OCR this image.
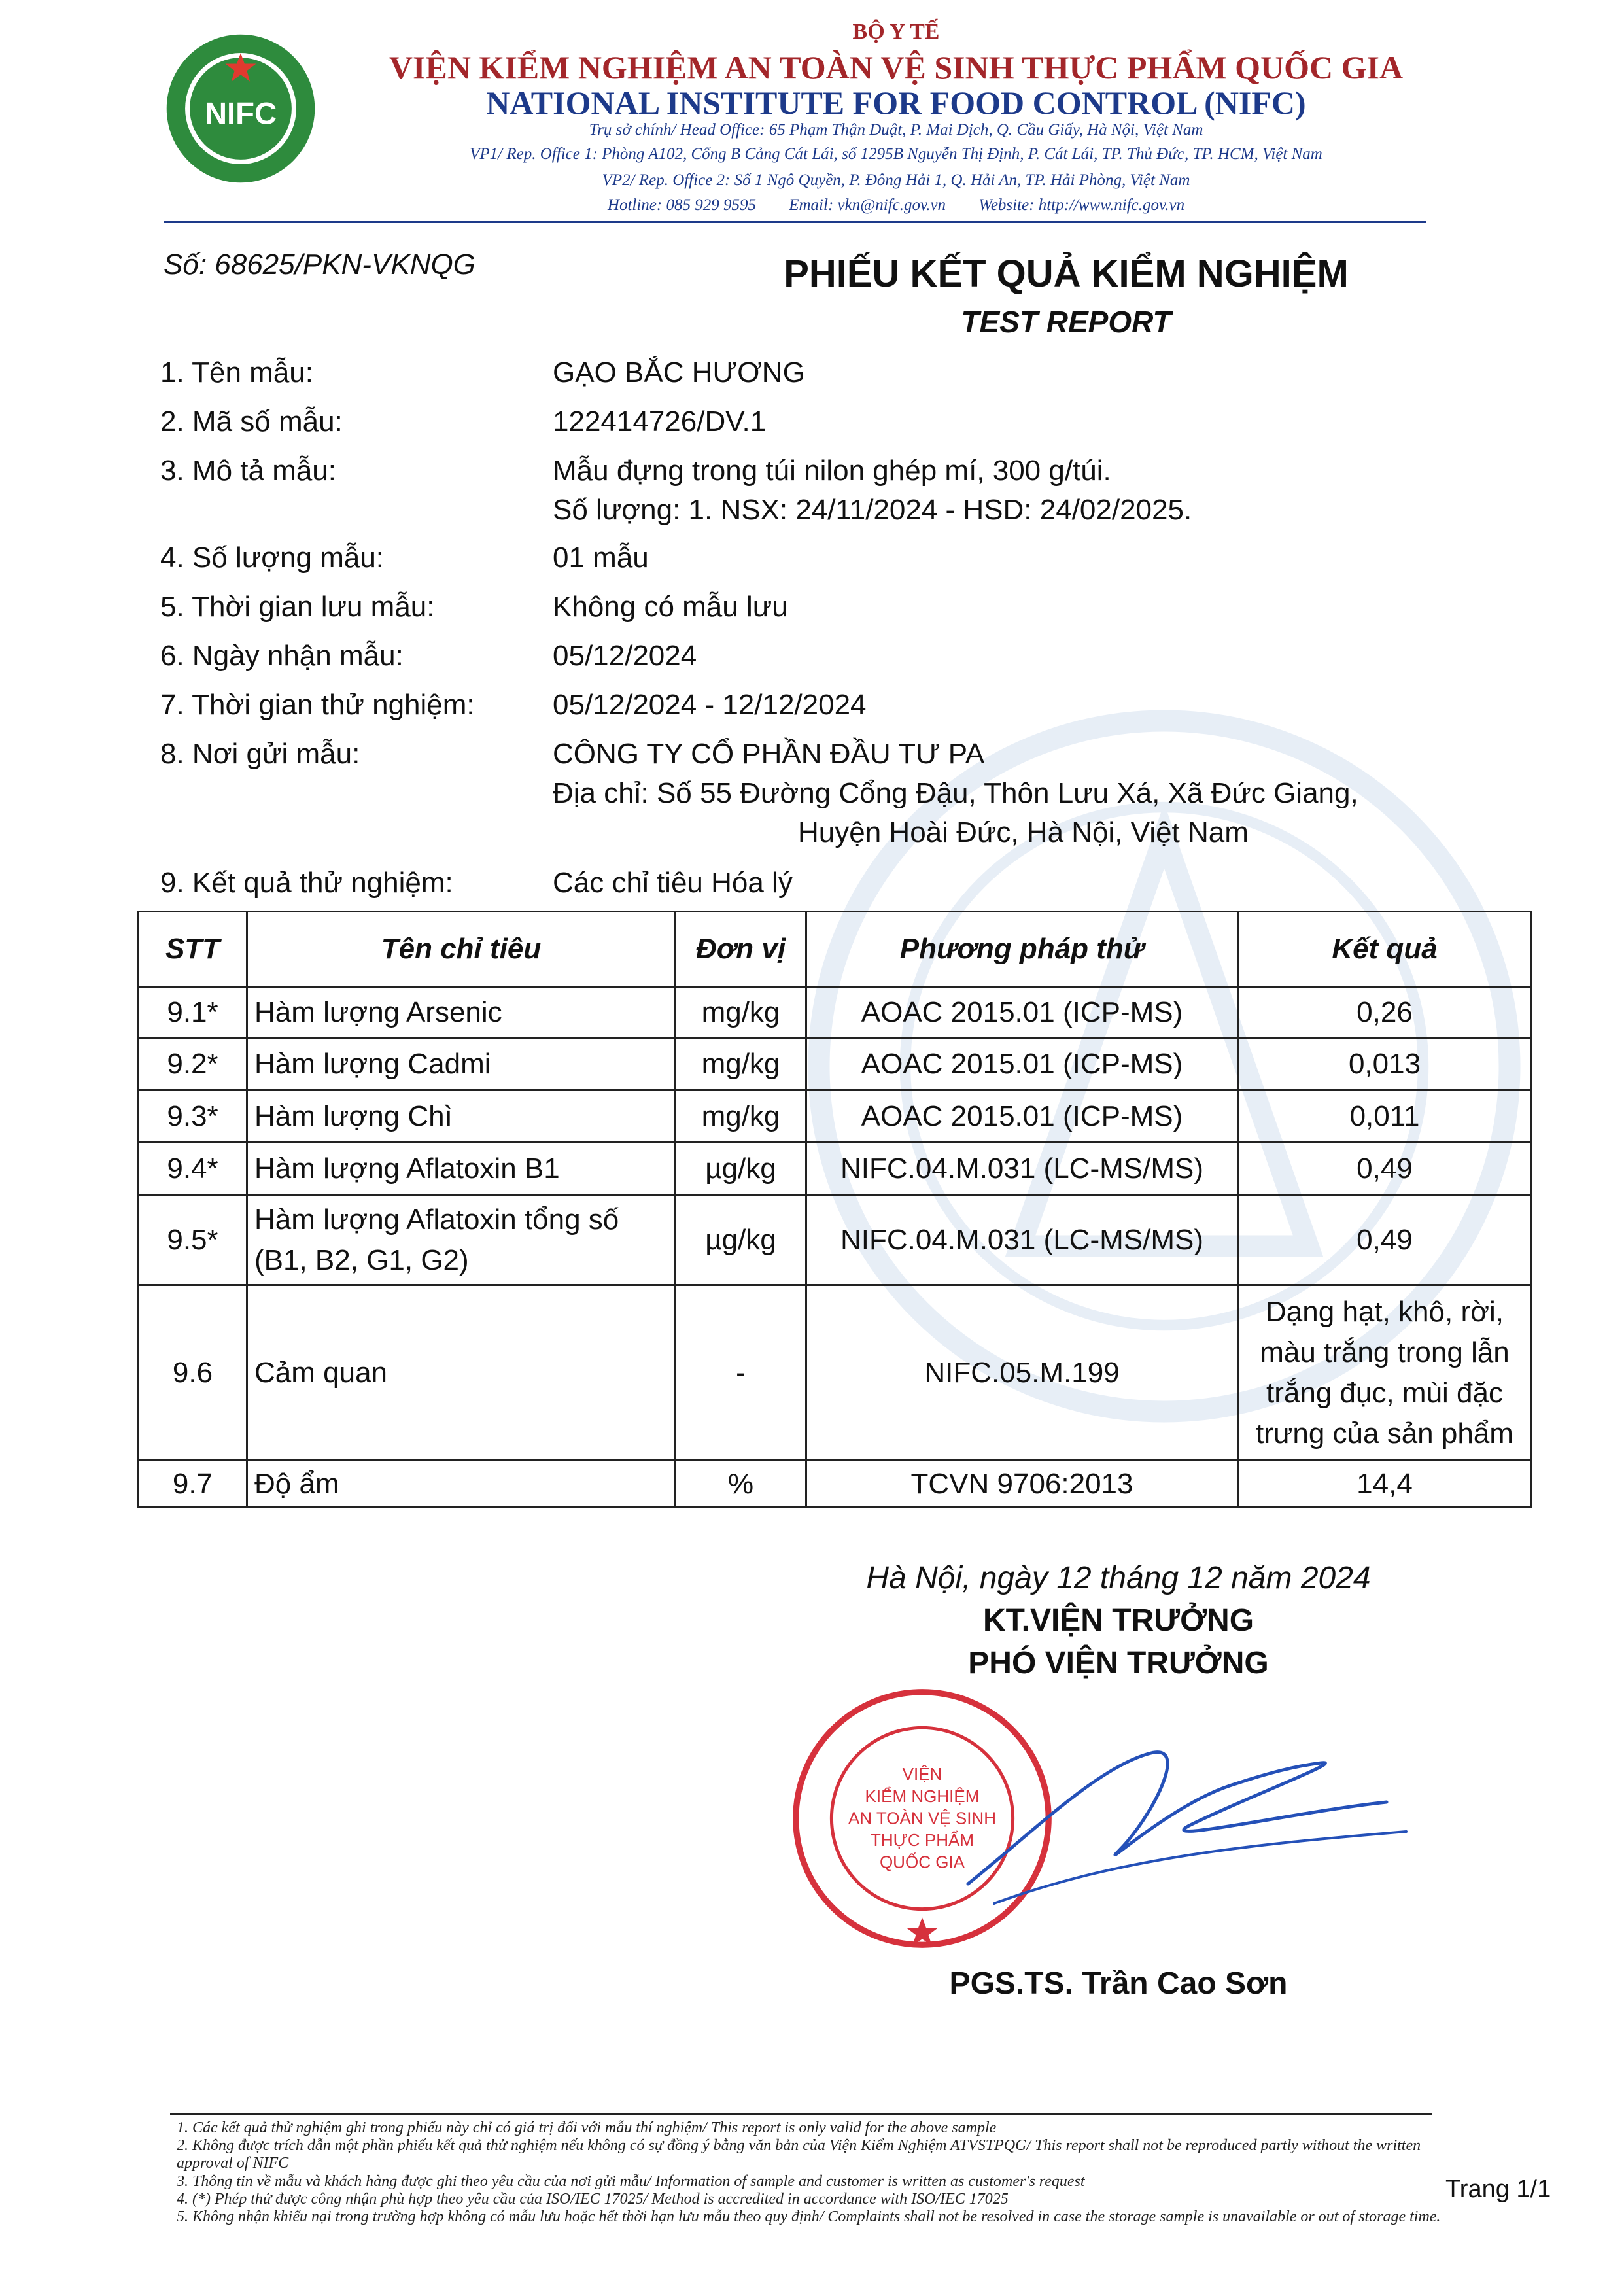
NIFC
BỘ Y TẾ
VIỆN KIỂM NGHIỆM AN TOÀN VỆ SINH THỰC PHẨM QUỐC GIA
NATIONAL INSTITUTE FOR FOOD CONTROL (NIFC)
Trụ sở chính/ Head Office: 65 Phạm Thận Duật, P. Mai Dịch, Q. Cầu Giấy, Hà Nội, Việt Nam
VP1/ Rep. Office 1: Phòng A102, Cổng B Cảng Cát Lái, số 1295B Nguyễn Thị Định, P. Cát Lái, TP. Thủ Đức, TP. HCM, Việt Nam
VP2/ Rep. Office 2: Số 1 Ngô Quyền, P. Đông Hải 1, Q. Hải An, TP. Hải Phòng, Việt Nam
Hotline: 085 929 9595 Email: vkn@nifc.gov.vn Website: http://www.nifc.gov.vn
Số: 68625/PKN-VKNQG	PHIẾU KẾT QUẢ KIỂM NGHIỆM
TEST REPORT
1. Tên mẫu:	GẠO BẮC HƯƠNG
2. Mã số mẫu:	122414726/DV.1
3. Mô tả mẫu:	Mẫu đựng trong túi nilon ghép mí, 300 g/túi.
Số lượng: 1. NSX: 24/11/2024 - HSD: 24/02/2025.
4. Số lượng mẫu:	01 mẫu
5. Thời gian lưu mẫu:	Không có mẫu lưu
6. Ngày nhận mẫu:	05/12/2024
7. Thời gian thử nghiệm:	05/12/2024 - 12/12/2024
8. Nơi gửi mẫu:	CÔNG TY CỔ PHẦN ĐẦU TƯ PA
Địa chỉ: Số 55 Đường Cổng Đậu, Thôn Lưu Xá, Xã Đức Giang,
Huyện Hoài Đức, Hà Nội, Việt Nam
9. Kết quả thử nghiệm:	Các chỉ tiêu Hóa lý
STT	Tên chỉ tiêu	Đơn vị	Phương pháp thử	Kết quả
9.1*	Hàm lượng Arsenic	mg/kg	AOAC 2015.01 (ICP-MS)	0,26
9.2*	Hàm lượng Cadmi	mg/kg	AOAC 2015.01 (ICP-MS)	0,013
9.3*	Hàm lượng Chì	mg/kg	AOAC 2015.01 (ICP-MS)	0,011
9.4*	Hàm lượng Aflatoxin B1	µg/kg	NIFC.04.M.031 (LC-MS/MS)	0,49
9.5*	Hàm lượng Aflatoxin tổng số (B1, B2, G1, G2)	µg/kg	NIFC.04.M.031 (LC-MS/MS)	0,49
9.6	Cảm quan	-	NIFC.05.M.199	Dạng hạt, khô, rời, màu trắng trong lẫn trắng đục, mùi đặc trưng của sản phẩm
9.7	Độ ẩm	%	TCVN 9706:2013	14,4
Hà Nội, ngày 12 tháng 12 năm 2024
KT.VIỆN TRƯỞNG
PHÓ VIỆN TRƯỞNG
VIỆN
KIỂM NGHIỆM
AN TOÀN VỆ SINH
THỰC PHẨM
QUỐC GIA
PGS.TS. Trần Cao Sơn
1. Các kết quả thử nghiệm ghi trong phiếu này chỉ có giá trị đối với mẫu thí nghiệm/ This report is only valid for the above sample
2. Không được trích dẫn một phần phiếu kết quả thử nghiệm nếu không có sự đồng ý bằng văn bản của Viện Kiểm Nghiệm ATVSTPQG/ This report shall not be reproduced partly without the written approval of NIFC
3. Thông tin về mẫu và khách hàng được ghi theo yêu cầu của nơi gửi mẫu/ Information of sample and customer is written as customer's request
4. (*) Phép thử được công nhận phù hợp theo yêu cầu của ISO/IEC 17025/ Method is accredited in accordance with ISO/IEC 17025
5. Không nhận khiếu nại trong trường hợp không có mẫu lưu hoặc hết thời hạn lưu mẫu theo quy định/ Complaints shall not be resolved in case the storage sample is unavailable or out of storage time.
Trang 1/1
